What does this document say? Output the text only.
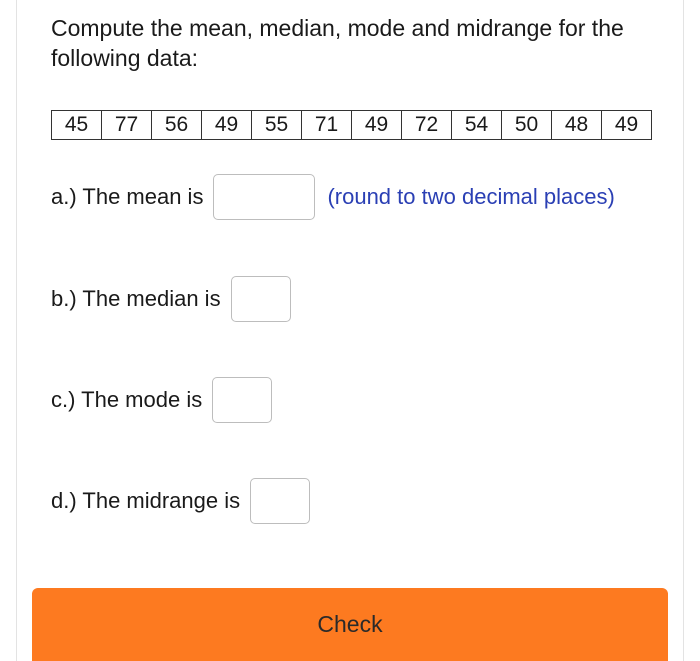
Compute the mean, median, mode and midrange for the following data:
45	77	56	49	55	71	49	72	54	50	48	49
a.) The mean is	(round to two decimal places)
b.) The median is
c.) The mode is
d.) The midrange is
Check
